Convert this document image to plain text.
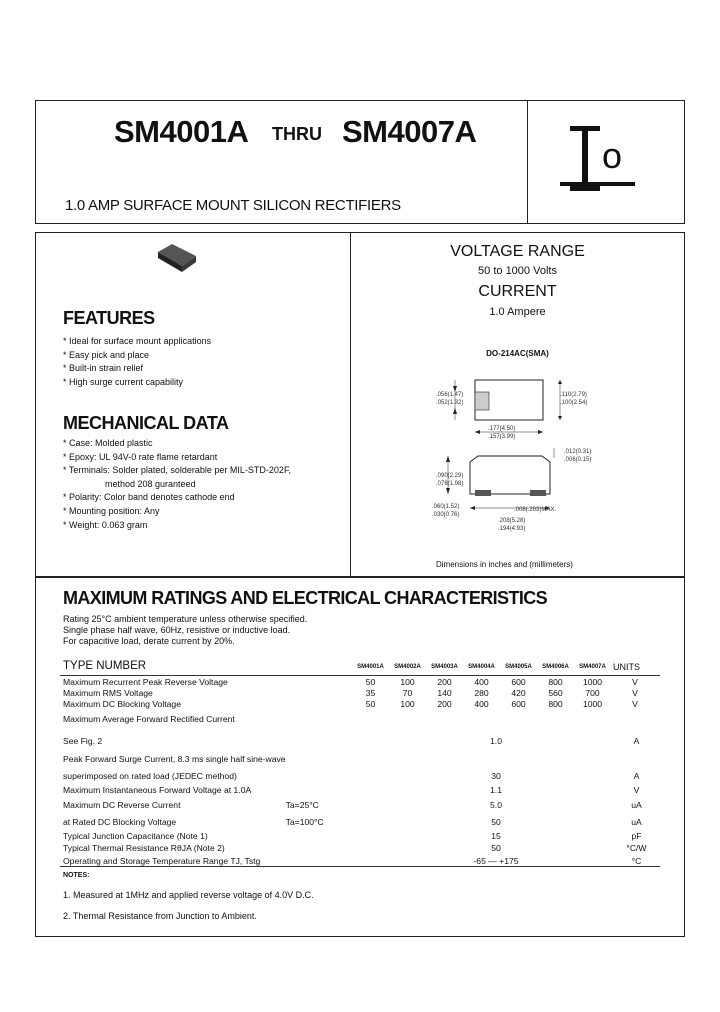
SM4001A THRU SM4007A
1.0 AMP SURFACE MOUNT SILICON RECTIFIERS
o
FEATURES
* Ideal for surface mount applications
* Easy pick and place
* Built-in strain relief
* High surge current capability
MECHANICAL DATA
* Case: Molded plastic
* Epoxy: UL 94V-0 rate flame retardant
* Terminals: Solder plated, solderable per MIL-STD-202F,
method 208 guranteed
* Polarity: Color band denotes cathode end
* Mounting position: Any
* Weight: 0.063 gram
VOLTAGE RANGE
50 to 1000 Volts
CURRENT
1.0 Ampere
DO-214AC(SMA)
.056(1.47)
.052(1.32)
.110(2.79)
.100(2.54)
.177(4.50)
.157(3.99)
.012(0.31)
.006(0.15)
.090(2.29)
.078(1.98)
.060(1.52)
.030(0.76)
.008(.203)MAX.
.208(5.28)
.194(4.93)
Dimensions in inches and (millimeters)
MAXIMUM RATINGS AND ELECTRICAL CHARACTERISTICS
Rating 25°C ambient temperature unless otherwise specified.
Single phase half wave, 60Hz, resistive or inductive load.
For capacitive load, derate current by 20%.
TYPE NUMBER	SM4001A	SM4002A	SM4003A	SM4004A	SM4005A	SM4006A	SM4007A UNITS
Maximum Recurrent Peak Reverse Voltage	50	100	200	400	600	800	1000	V
Maximum RMS Voltage	35	70	140	280	420	560	700	V
Maximum DC Blocking Voltage	50	100	200	400	600	800	1000	V
Maximum Average Forward Rectified Current			
See Fig. 2		1.0	A
Peak Forward Surge Current, 8.3 ms single half sine-wave			
superimposed on rated load (JEDEC method)		30	A
Maximum Instantaneous Forward Voltage at 1.0A		1.1	V
Maximum DC Reverse Current	Ta=25°C	5.0	uA
at Rated DC Blocking Voltage	Ta=100°C	50	uA
Typical Junction Capacitance (Note 1)		15	pF
Typical Thermal Resistance RθJA (Note 2)		50	°C/W
Operating and Storage Temperature Range TJ, Tstg		-65 — +175	°C
NOTES:
1. Measured at 1MHz and applied reverse voltage of 4.0V D.C.
2. Thermal Resistance from Junction to Ambient.
